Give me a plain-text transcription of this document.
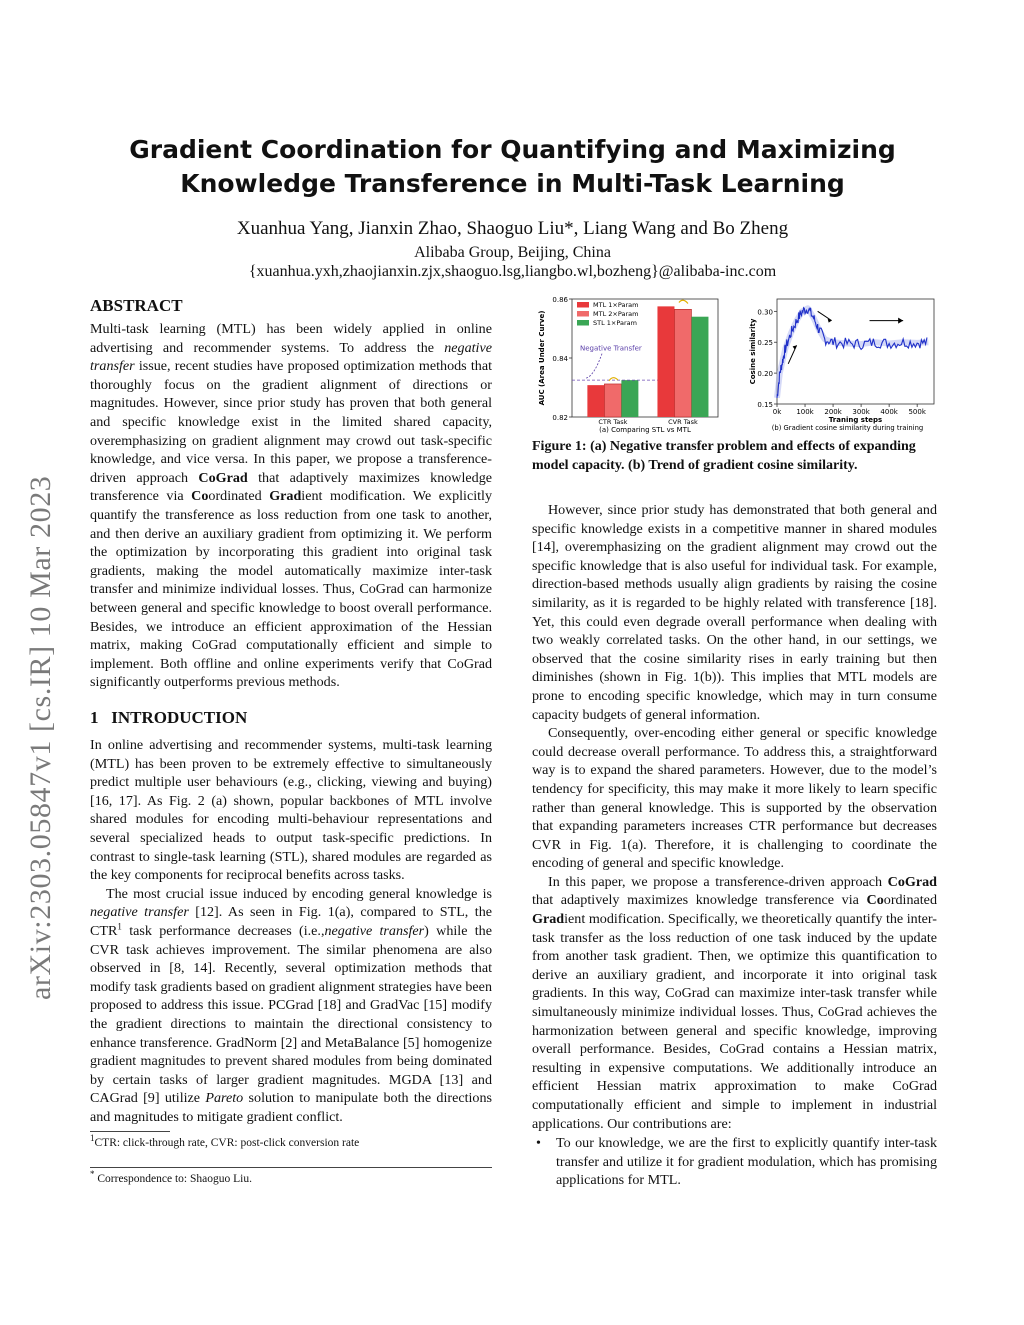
arXiv:2303.05847v1 [cs.IR] 10 Mar 2023
Gradient Coordination for Quantifying and Maximizing
Knowledge Transference in Multi-Task Learning
Xuanhua Yang, Jianxin Zhao, Shaoguo Liu*, Liang Wang and Bo Zheng
Alibaba Group, Beijing, China
{xuanhua.yxh,zhaojianxin.zjx,shaoguo.lsg,liangbo.wl,bozheng}@alibaba-inc.com
ABSTRACT

Multi-task learning (MTL) has been widely applied in online advertising and recommender systems. To address the negative transfer issue, recent studies have proposed optimization methods that thoroughly focus on the gradient alignment of directions or magnitudes. However, since prior study has proven that both general and specific knowledge exist in the limited shared capacity, overemphasizing on gradient alignment may crowd out task-specific knowledge, and vice versa. In this paper, we propose a transference-driven approach CoGrad that adaptively maximizes knowledge transference via Coordinated Gradient modification. We explicitly quantify the transference as loss reduction from one task to another, and then derive an auxiliary gradient from optimizing it. We perform the optimization by incorporating this gradient into original task gradients, making the model automatically maximize inter-task transfer and minimize individual losses. Thus, CoGrad can harmonize between general and specific knowledge to boost overall performance. Besides, we introduce an efficient approximation of the Hessian matrix, making CoGrad computationally efficient and simple to implement. Both offline and online experiments verify that CoGrad significantly outperforms previous methods.

1   INTRODUCTION

In online advertising and recommender systems, multi-task learning (MTL) has been proven to be extremely effective to simultaneously predict multiple user behaviours (e.g., clicking, viewing and buying) [16, 17]. As Fig. 2 (a) shown, popular backbones of MTL involve shared modules for encoding multi-behaviour representations and several specialized heads to output task-specific predictions. In contrast to single-task learning (STL), shared modules are regarded as the key components for reciprocal benefits across tasks.

The most crucial issue induced by encoding general knowledge is negative transfer [12]. As seen in Fig. 1(a), compared to STL, the CTR$^1$ task performance decreases (i.e.,negative transfer) while the CVR task achieves improvement. The similar phenomena are also observed in [8, 14]. Recently, several optimization methods that modify task gradients based on gradient alignment strategies have been proposed to address this issue. PCGrad [18] and GradVac [15] modify the gradient directions to maintain the directional consistency to enhance transference. GradNorm [2] and MetaBalance [5] homogenize gradient magnitudes to prevent shared modules from being dominated by certain tasks of larger gradient magnitudes. MGDA [13] and CAGrad [9] utilize Pareto solution to manipulate both the directions and magnitudes to mitigate gradient conflict.

$^1$CTR: click-through rate, CVR: post-click conversion rate
* Correspondence to: Shaoguo Liu.
0.82
0.84
0.86
AUC (Area Under Curve)
CTR Task	CVR Task
(a) Comparing STL vs MTL
MTL 1×Param
MTL 2×Param
STL 1×Param
Negative Transfer
0.15
0.20
0.25
0.30
0k 100k 200k 300k 400k 500k
Cosine similarity
Traning steps
(b) Gradient cosine similarity during training
Figure 1: (a) Negative transfer problem and effects of expanding model capacity. (b) Trend of gradient cosine similarity.

However, since prior study has demonstrated that both general and specific knowledge exists in a competitive manner in shared modules [14], overemphasizing on the gradient alignment may crowd out the specific knowledge that is also useful for individual task. For example, direction-based methods usually align gradients by raising the cosine similarity, as it is regarded to be highly related with transference [18]. Yet, this could even degrade overall performance when dealing with two weakly correlated tasks. On the other hand, in our settings, we observed that the cosine similarity rises in early training but then diminishes (shown in Fig. 1(b)). This implies that MTL models are prone to encoding specific knowledge, which may in turn consume capacity budgets of general information.

Consequently, over-encoding either general or specific knowledge could decrease overall performance. To address this, a straightforward way is to expand the shared parameters. However, due to the model’s tendency for specificity, this may make it more likely to learn specific rather than general knowledge. This is supported by the observation that expanding parameters increases CTR performance but decreases CVR in Fig. 1(a). Therefore, it is challenging to coordinate the encoding of general and specific knowledge.

In this paper, we propose a transference-driven approach CoGrad that adaptively maximizes knowledge transference via Coordinated Gradient modification. Specifically, we theoretically quantify the inter-task transfer as the loss reduction of one task induced by the update from another task gradient. Then, we optimize this quantification to derive an auxiliary gradient, and incorporate it into original task gradients. In this way, CoGrad can maximize inter-task transfer while simultaneously minimize individual losses. Thus, CoGrad achieves the harmonization between general and specific knowledge, improving overall performance. Besides, CoGrad contains a Hessian matrix, resulting in expensive computations. We additionally introduce an efficient Hessian matrix approximation to make CoGrad computationally efficient and simple to implement in industrial applications. Our contributions are:

• To our knowledge, we are the first to explicitly quantify inter-task transfer and utilize it for gradient modulation, which has promising applications for MTL.
